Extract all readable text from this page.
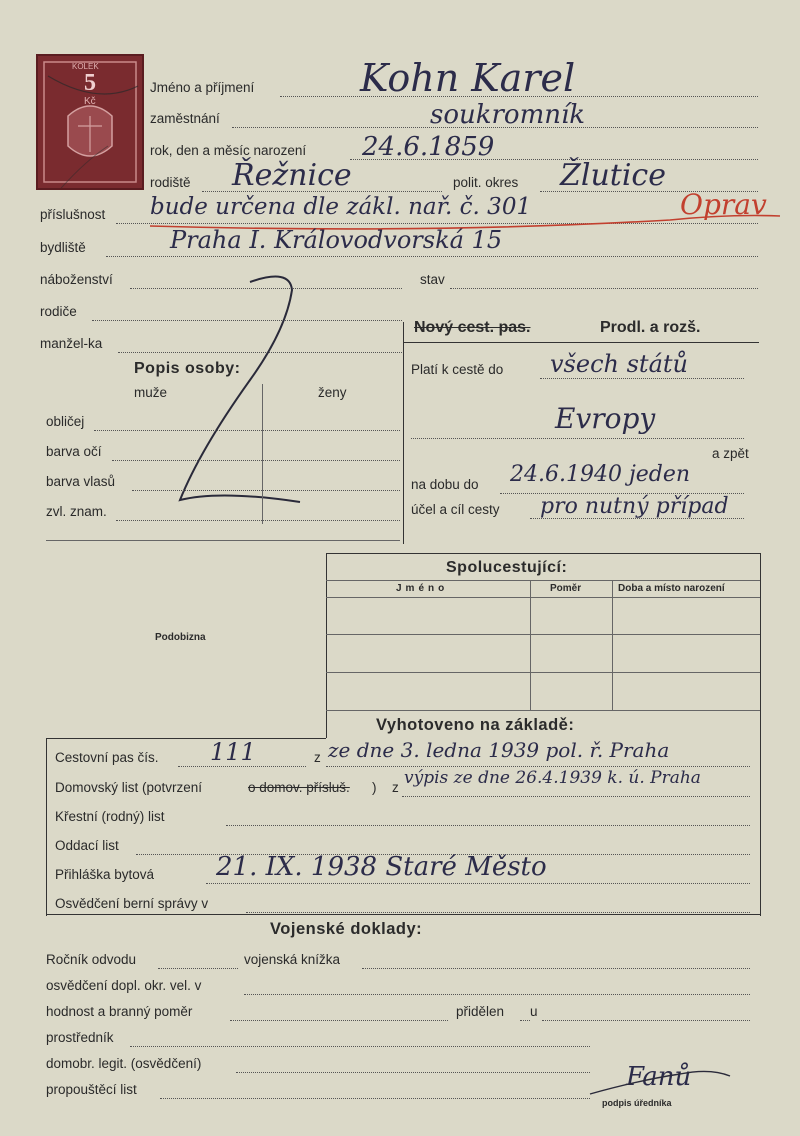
KOLEK
5
Kč
Jméno a příjmení	Kohn Karel
zaměstnání	soukromník
rok, den a měsíc narození 24.6.1859
rodiště Řežnice	polit. okres Žlutice
příslušnost bude určena dle zákl. nař. č. 301	Oprav
bydliště	Praha I. Královodvorská 15
náboženství	stav
rodiče
manžel-ka
Popis osoby:
muže	ženy
obličej
barva očí
barva vlasů
zvl. znam.
Nový cest. pas.	Prodl. a rozš.
Platí k cestě do všech států
Evropy
a zpět
na dobu do 24.6.1940 jeden
účel a cíl cesty pro nutný případ
Podobizna
Spolucestující:
Jméno	Poměr	Doba a místo narození
Vyhotoveno na základě:
Cestovní pas čís. 111	z ze dne 3. ledna 1939 pol. ř. Praha
Domovský list (potvrzení	o domov. přísluš. ) z výpis ze dne 26.4.1939 k. ú. Praha
Křestní (rodný) list
Oddací list
Přihláška bytová 21. IX. 1938 Staré Město
Osvědčení berní správy v
Vojenské doklady:
Ročník odvodu	vojenská knížka
osvědčení dopl. okr. vel. v
hodnost a branný poměr	přidělen u
prostředník
domobr. legit. (osvědčení)
propouštěcí list	Fanů
podpis úředníka
